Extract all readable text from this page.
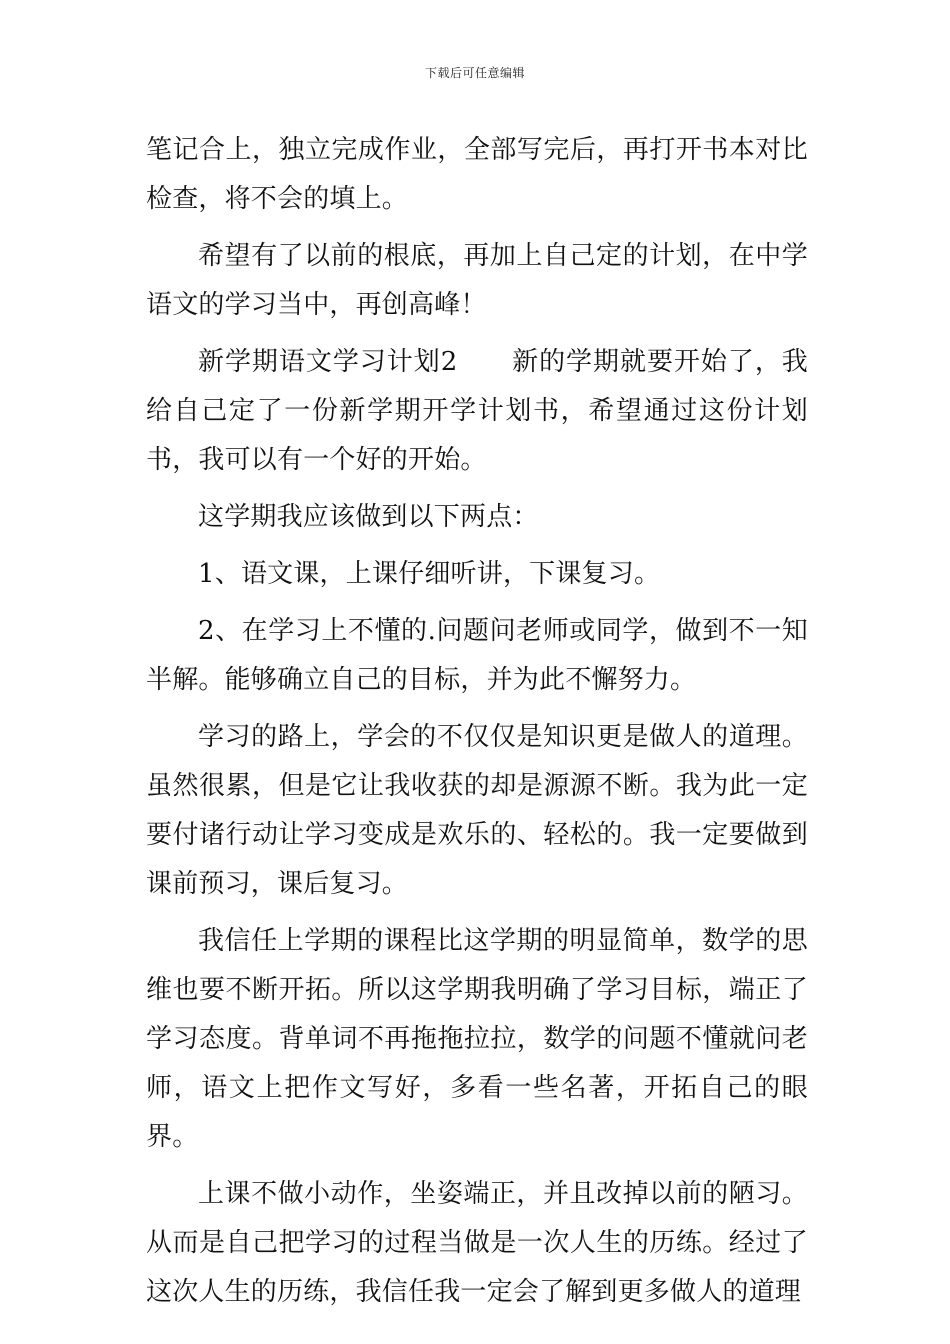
下载后可任意编辑

笔记合上，独立完成作业，全部写完后，再打开书本对比检查，将不会的填上。

希望有了以前的根底，再加上自己定的计划，在中学语文的学习当中，再创高峰！

新学期语文学习计划2　　新的学期就要开始了，我给自己定了一份新学期开学计划书，希望通过这份计划书，我可以有一个好的开始。

这学期我应该做到以下两点：

1、语文课，上课仔细听讲，下课复习。

2、在学习上不懂的.问题问老师或同学，做到不一知半解。能够确立自己的目标，并为此不懈努力。

学习的路上，学会的不仅仅是知识更是做人的道理。虽然很累，但是它让我收获的却是源源不断。我为此一定要付诸行动让学习变成是欢乐的、轻松的。我一定要做到课前预习，课后复习。

我信任上学期的课程比这学期的明显简单，数学的思维也要不断开拓。所以这学期我明确了学习目标，端正了学习态度。背单词不再拖拖拉拉，数学的问题不懂就问老师，语文上把作文写好，多看一些名著，开拓自己的眼界。

上课不做小动作，坐姿端正，并且改掉以前的陋习。从而是自己把学习的过程当做是一次人生的历练。经过了这次人生的历练，我信任我一定会了解到更多做人的道理
